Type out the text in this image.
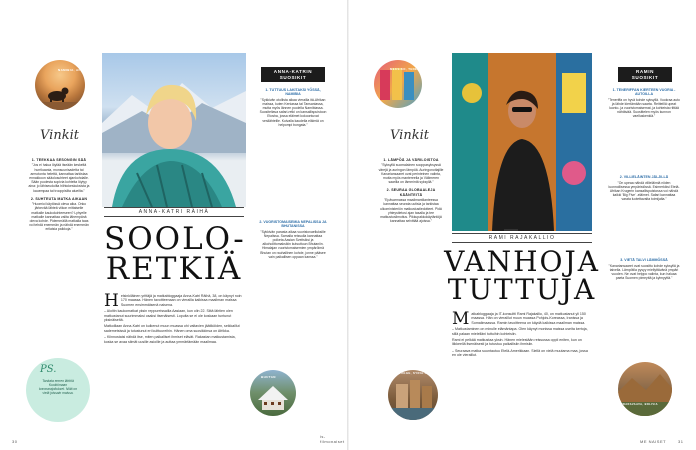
NAMIBIA, AFRIKKA
Vinkit
1. TEEKKAA SESONGIN SÄÄ

"Jos ei halua löytää itseään keskeltä hurrikaania, monsuunisadetta tai armotonta helettä, kannattaa tarkistaa ennakkoon sääolosuhteet ajankohdalle. Sään puolesta sopivia kohteita löytyy aina: jo lähiseuduilta hiihtokeskuksista ja kauempaa tai trooppisilta alueilta."

2. SUHTEUTA MATKA AIKAAN

"Huomioi käytössä oleva aika. Onko järkevää lähteä viikon mittaiselle matkalle kaukokohteeseen? Lyhyelle matkalle kannattaa valita lähempänä oleva kohde. Pidemmällä matkalla taas voi tehdä enemmän ja nähdä enemmän erilaisia paikkoja."

PS.
Tankata ennen lähtöä Kuokkimaan koronarajoitukset. Niitä on vielä joissain maissa.
ANNA-KATRI RÄIHÄ
SOOLO-
RETKIÄ

Helsinkiläinen yrittäjä ja matkabloggaaja Anna-Katri Räihä, 38, on käynyt noin 170 maassa. Hänen tavoitteenaan on vierailla kaikissa maailman maissa Suomen ensimmäisenä naisena.

– Aloitin kaukomatkat yksin reppureissailla Aasiaan, kun olin 22. Siitä lähtien olen matkustanut suurimmaksi osaksi itsenäisesti. Lopulta se ei ole koskaan tuntunut yksinäiseltä.

Matkoillaan Anna-Katri on kulkenut muun muassa ohi valtavien jäätiköiden, seikkaillut sademetsissä ja tutustunut eri kulttuureihin. Hänen oma suosikkinsa on Afrikka.

– Kiinnostaisi nähdä itse, miten paikalliset ihmiset elävät. Rakastan matkustamista, koska se avaa silmät uusille asioille ja auttaa ymmärtämään maailmaa.

ANNA-KATRIN
SUOSIKIT
1. TUTTUUS LAKITAKSI YÖSSÄ, NAMIBIA
"Sykkivän otollista aikaa vierailla itä-Afrikan maissa, kuten Keniassa tai Tansaniassa, mutta myös lännen puolella Namibiassa. Suositeltava safari-retki on kansallispuistoon Etosha, jossa eläimet kokoontuvat vesilähteille. Kuivalla kaudella eläimiä on helpompi bongata."
2. VUORISTOMAISEMIA NEPALISSA JA BHUTANISSA
"Sykkivän parasta aikaa vuoristovaelluksille Nepalissa. Samalla reissulla kannattaa poiketa Aasian Sveitsiksi ja alkoholittomaksikin kutsuttuun Bhutaniin. Himalajan vuoristomaisemien ympäröimä Bhutan on rauhallinen kohde, jonne pääsee vain paikallisen oppaan kanssa."
BHUTAN
30
is-filmonaiset
MEKSIKO, TENERIFFA
Vinkit
1. LÄMPÖÄ JA VÄRILOISTOA

"Syksyllä suomalainen sooppasyksyssä värejä ja auringon lämpöä. Auringonottajille Kanariansaaret ovat perinteinen valinta, mutta myös mantereella ja Välimeren saarilla on lämmintä syksyllä."

2. SEURAA GLOBAALEJA KÄÄNTEITÄ

"Epävarmassa maailmantilanteessa kannattaa seurata uutisia ja tarkistaa ulkoministeriön matkustustiedotteet. Pidä yhteystietosi ajan tasalla ja tee matkustusilmoitus. Pikkupakkokäytäntöjä kannattaa selvittää ajoissa."

BRUGGE, SYRIA-AFRIKKA
RAMI RAJAKALLIO
VANHOJA
TUTTUJA

Matkabloggaaja ja IT-konsultti Rami Rajakallio, 40, on matkustanut yli 150 maassa. Hän on vieraillut muun muassa Pohjois-Koreassa, Iranissa ja Somalimaassa. Ramin tavoitteena on käydä kaikissa maailman maissa.

– Matkustaminen on minulle elämäntapa. Olen käynyt monissa maissa useita kertoja, sillä palaan mielelläni tuttuihin kohteisiin.

Rami ei pelkää matkustaa yksin. Hänen mielestään reissussa oppii eniten, kun on liikkeellä itsenäisesti ja tutustuu paikallisiin ihmisiin.

– Seuraava matka suuntautuu Etelä-Amerikkaan. Siellä on vielä muutama maa, jossa en ole vieraillut.

RAMIN
SUOSIKIT
1. TENERIFFAN KIERTEEN VUORIA - AUTOILLA
"Teneriffa on hyvä kohde syksyllä. Vuokraa auto ja lähde kiertämään saarta. Reitteillä upeat luonto- ja vuoristomaisemat, ja kohteista riittää nähtävää. Suosittelen myös kunnon vaelluskenkiä."
2. VILLIELÄINTEN JÄLJILLÄ
"On upeaa nähdä villieläimiä niiden luonnollisessa ympäristössä. Esimerkiksi Etelä-Afrikan Krugerin kansallispuistossa voi nähdä kaikki 'Big Five' -eläimet. Safari kannattaa varata luotettavalta toimijalta."
3. VIETÄ TALVI LÄMMÖSSÄ
"Kanariansaaret ovat suosittu kohde syksyllä ja talvella. Lämpötila pysyy miellyttävänä ympäri vuoden. Ne ovat helppo valinta, kun haluaa paeta Suomen pimeyttä ja kylmyyttä."
GUNDARAVAAVA, BOLIVIA
ME NAISET	31
